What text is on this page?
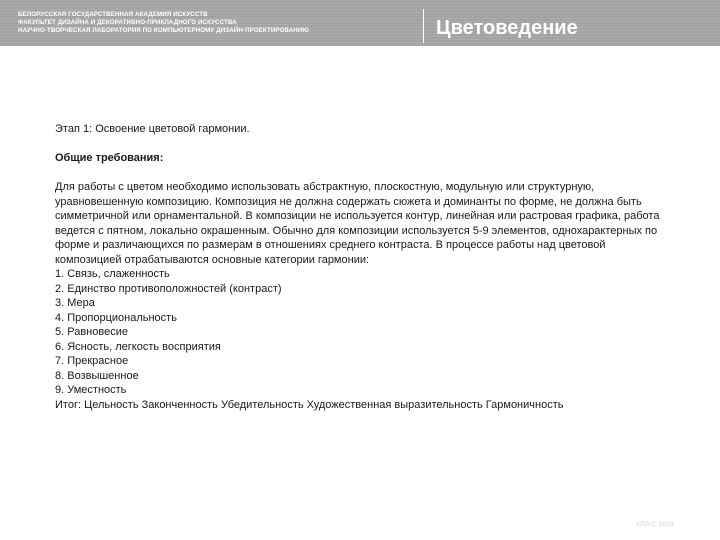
БЕЛОРУССКАЯ ГОСУДАРСТВЕННАЯ АКАДЕМИЯ ИСКУССТВ
ФАКУЛЬТЕТ ДИЗАЙНА И ДЕКОРАТИВНО-ПРИКЛАДНОГО ИСКУССТВА
НАУЧНО-ТВОРЧЕСКАЯ ЛАБОРАТОРИЯ ПО КОМПЬЮТЕРНОМУ ДИЗАЙН-ПРОЕКТИРОВАНИЮ	Цветоведение

Этап 1: Освоение цветовой гармонии.

Общие требования:

Для работы с цветом необходимо использовать абстрактную, плоскостную, модульную или структурную, уравновешенную композицию. Композиция не должна содержать сюжета и доминанты по форме, не должна быть симметричной или орнаментальной. В композиции не используется контур, линейная или растровая графика, работа ведется с пятном, локально окрашенным. Обычно для композиции используется 5-9 элементов, однохарактерных по форме и различающихся по размерам в отношениях среднего контраста. В процессе работы над цветовой композицией отрабатываются основные категории гармонии:

1. Связь, слаженность
2. Единство противоположностей (контраст)
3. Мера
4. Пропорциональность
5. Равновесие
6. Ясность, легкость восприятия
7. Прекрасное
8. Возвышенное
9. Уместность

Итог: Цельность Законченность Убедительность Художественная выразительность Гармоничность

КПЛ/С 2003
